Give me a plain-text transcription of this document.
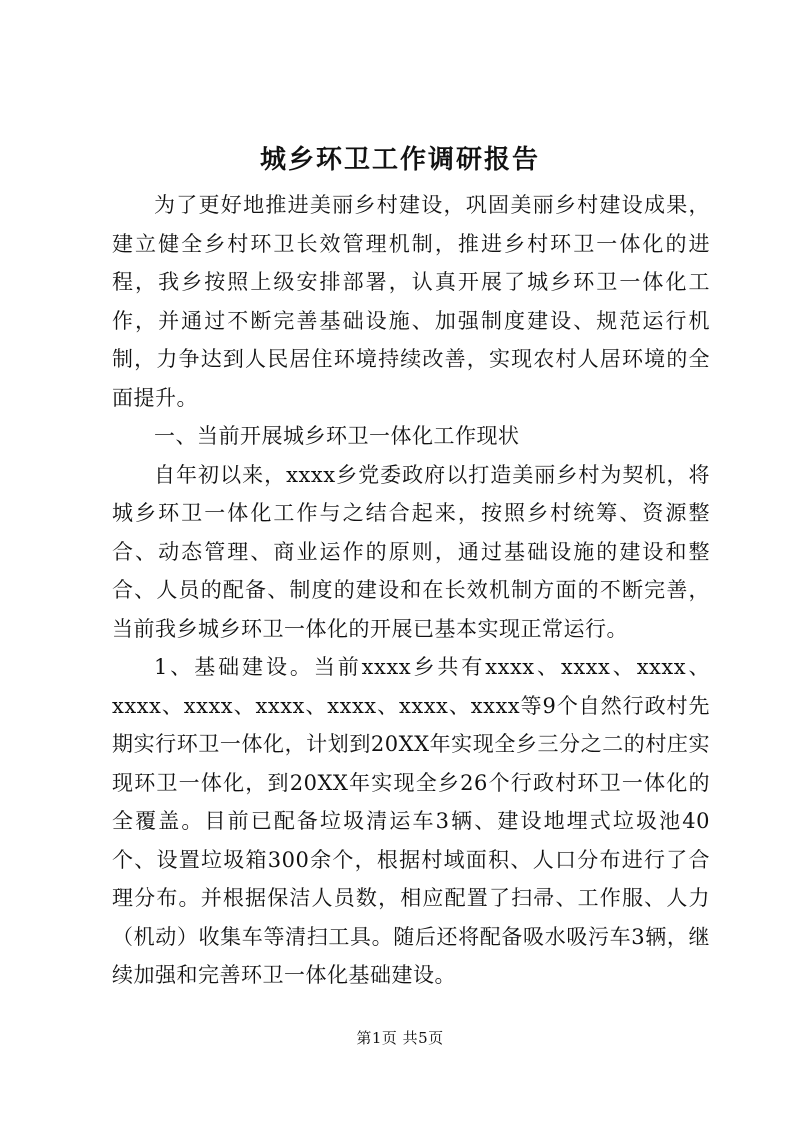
城乡环卫工作调研报告

为了更好地推进美丽乡村建设，巩固美丽乡村建设成果，建立健全乡村环卫长效管理机制，推进乡村环卫一体化的进程，我乡按照上级安排部署，认真开展了城乡环卫一体化工作，并通过不断完善基础设施、加强制度建设、规范运行机制，力争达到人民居住环境持续改善，实现农村人居环境的全面提升。

一、当前开展城乡环卫一体化工作现状

自年初以来，xxxx乡党委政府以打造美丽乡村为契机，将城乡环卫一体化工作与之结合起来，按照乡村统筹、资源整合、动态管理、商业运作的原则，通过基础设施的建设和整合、人员的配备、制度的建设和在长效机制方面的不断完善，当前我乡城乡环卫一体化的开展已基本实现正常运行。

1、基础建设。当前xxxx乡共有xxxx、xxxx、xxxx、xxxx、xxxx、xxxx、xxxx、xxxx、xxxx等9个自然行政村先期实行环卫一体化，计划到20XX年实现全乡三分之二的村庄实现环卫一体化，到20XX年实现全乡26个行政村环卫一体化的全覆盖。目前已配备垃圾清运车3辆、建设地埋式垃圾池40个、设置垃圾箱300余个，根据村域面积、人口分布进行了合理分布。并根据保洁人员数，相应配置了扫帚、工作服、人力（机动）收集车等清扫工具。随后还将配备吸水吸污车3辆，继续加强和完善环卫一体化基础建设。

第1页 共5页
